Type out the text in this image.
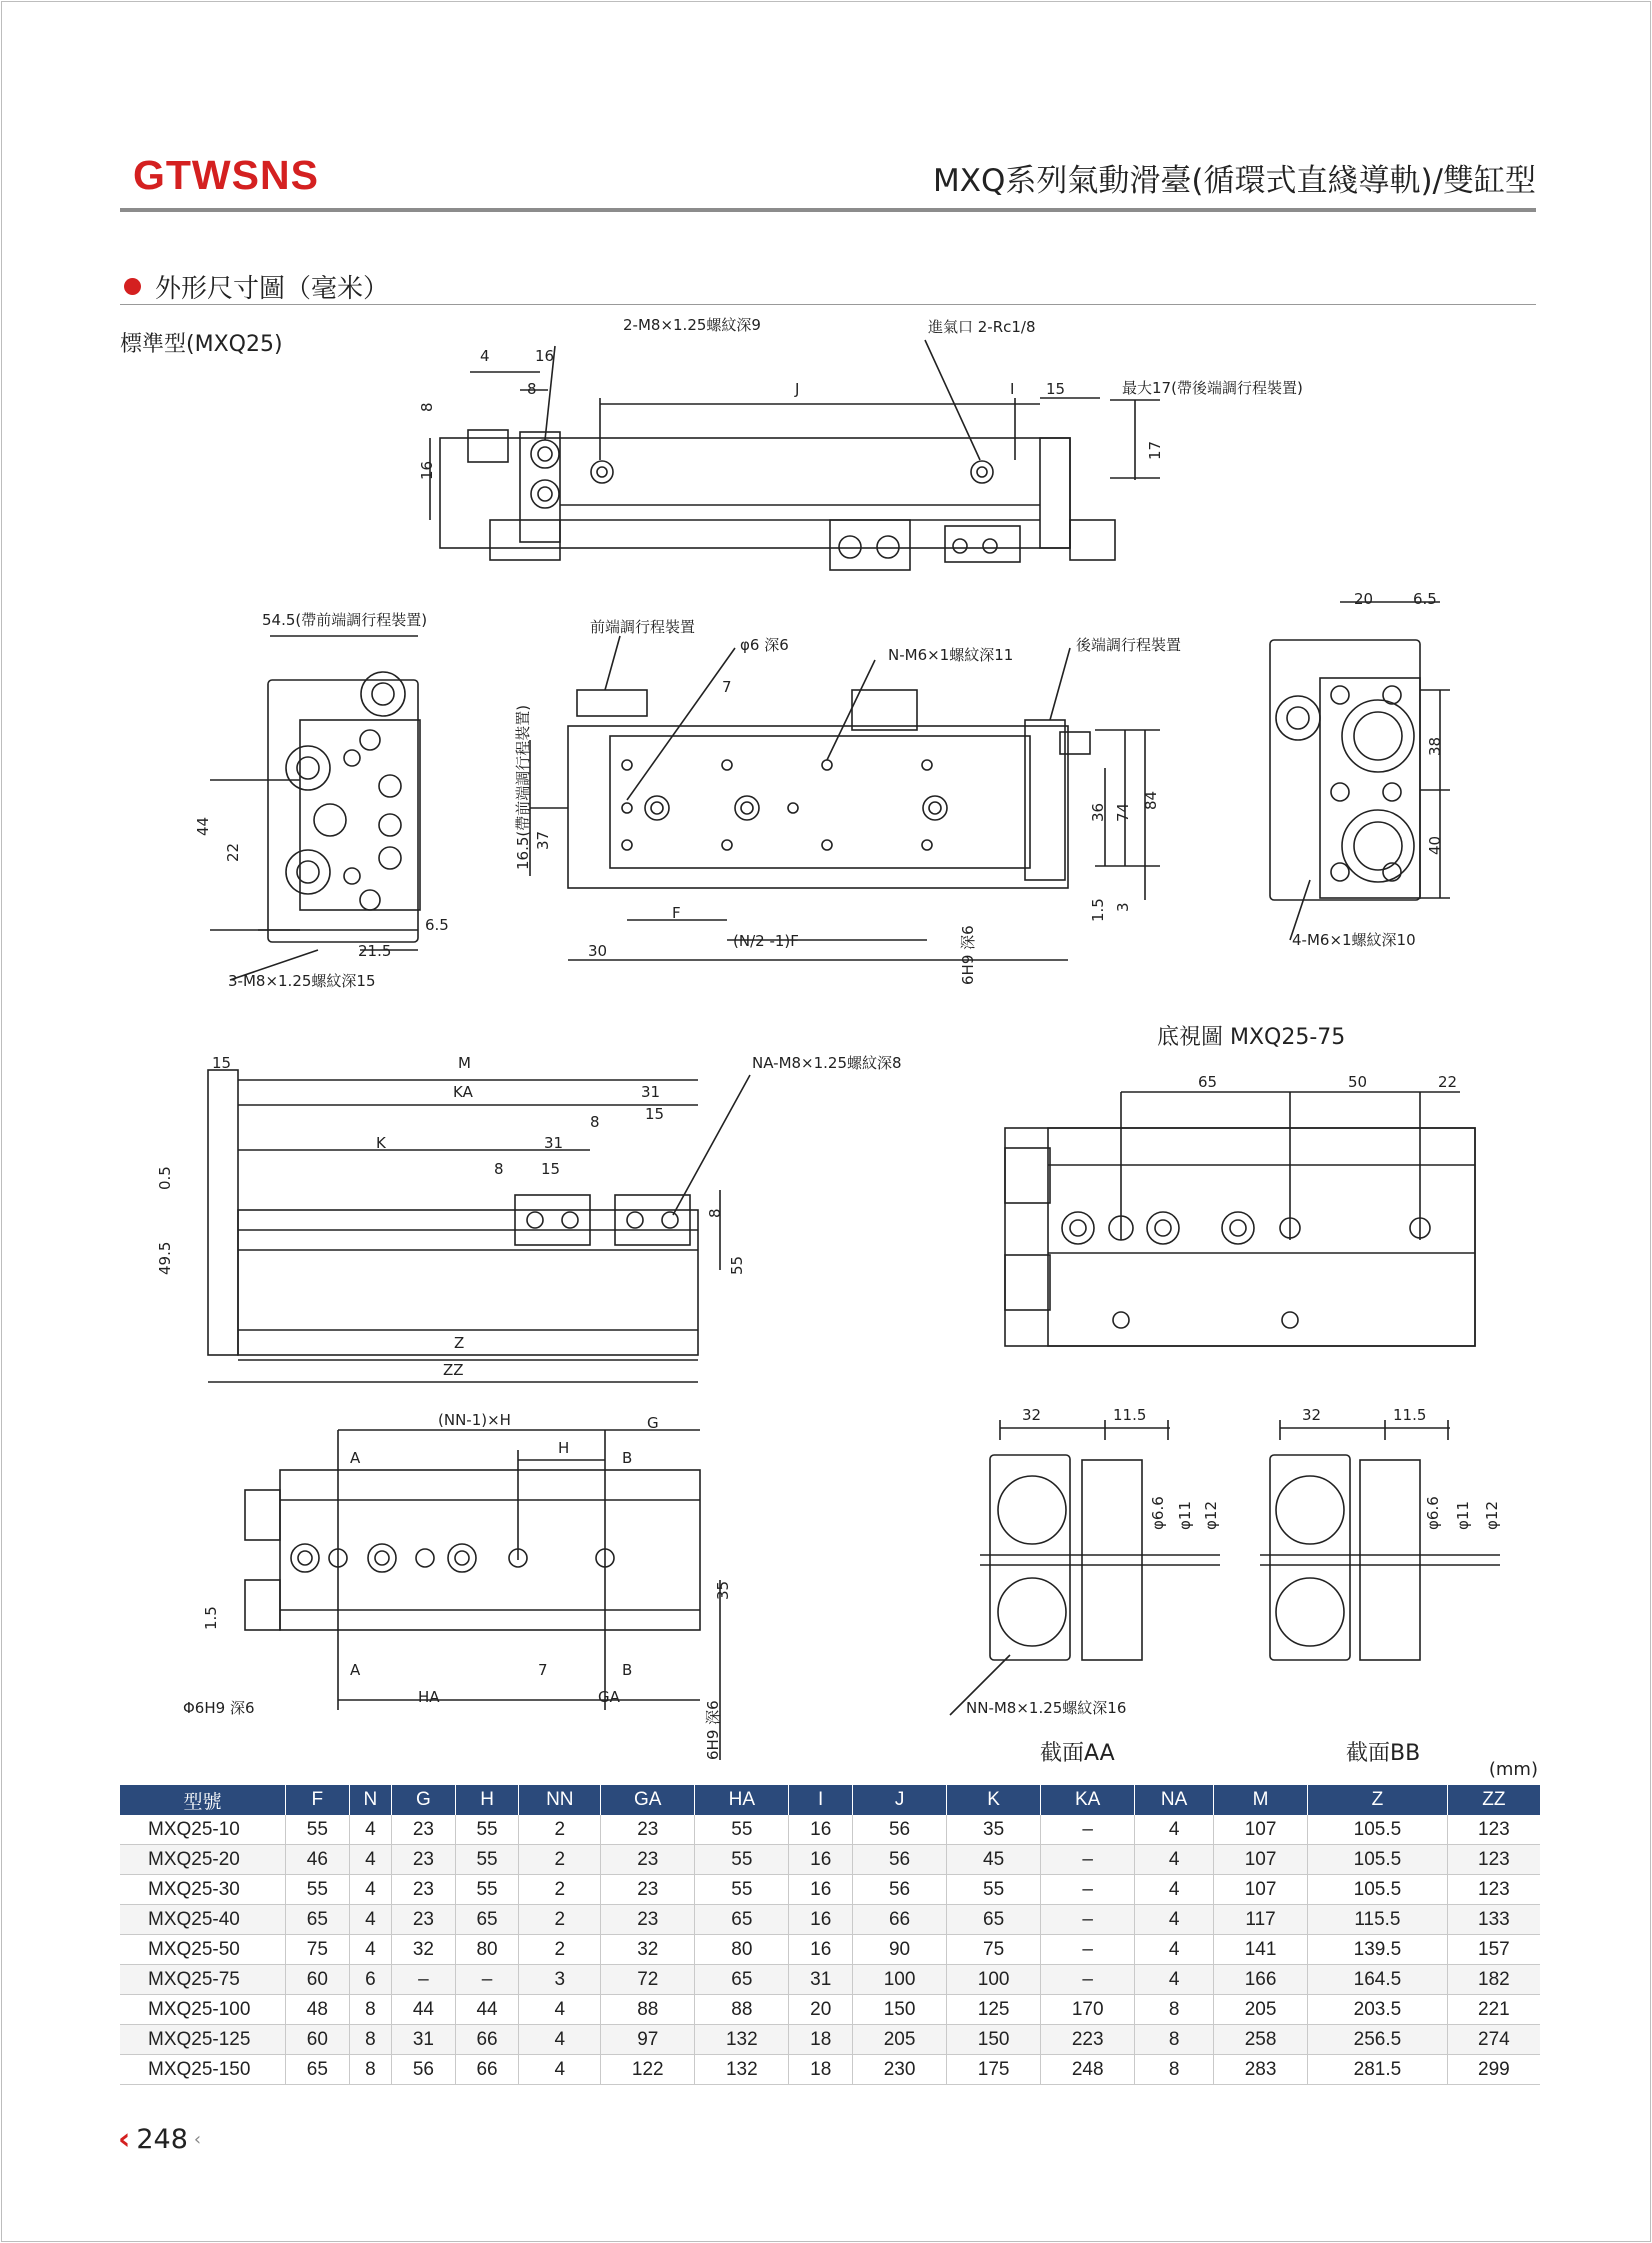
GTWSNS	MXQ系列氣動滑臺(循環式直綫導軌)/雙缸型
外形尺寸圖（毫米）
標準型(MXQ25)	4	16
8	J	I 15
8
16
17
2-M8×1.25螺紋深9	進氣口 2-Rc1/8
最大17(帶後端調行程裝置)
54.5(帶前端調行程裝置)
44
22
21.5
6.5
3-M8×1.25螺紋深15
前端調行程裝置
φ6 深6
N-M6×1螺紋深11
後端調行程裝置
7
16.5(帶前端調行程裝置) 37
F
(N/2 -1)F
30	6H9 深6
36 74
84
1.5 3
20	6.5
38
40
4-M6×1螺紋深10
15	M
KA	31
8	15
K	31
8 15
NA-M8×1.25螺紋深8
0.5
49.5	55
8
Z
ZZ
(NN-1)×H	G
H
B
A
A	7	B
HA	GA
1.5
35
Φ6H9 深6	6H9 深6
65	50	22
32	11.5	32	11.5
φ6.6 φ11 φ12	φ6.6 φ11 φ12
NN-M8×1.25螺紋深16
底視圖 MXQ25-75
截面AA	截面BB
(mm)
型號	F	N	G	H	NN	GA	HA	I	J	K	KA	NA	M	Z	ZZ
MXQ25-10	55	4	23	55	2	23	55	16	56	35	–	4	107	105.5	123
MXQ25-20	46	4	23	55	2	23	55	16	56	45	–	4	107	105.5	123
MXQ25-30	55	4	23	55	2	23	55	16	56	55	–	4	107	105.5	123
MXQ25-40	65	4	23	65	2	23	65	16	66	65	–	4	117	115.5	133
MXQ25-50	75	4	32	80	2	32	80	16	90	75	–	4	141	139.5	157
MXQ25-75	60	6	–	–	3	72	65	31	100	100	–	4	166	164.5	182
MXQ25-100	48	8	44	44	4	88	88	20	150	125	170	8	205	203.5	221
MXQ25-125	60	8	31	66	4	97	132	18	205	150	223	8	258	256.5	274
MXQ25-150	65	8	56	66	4	122	132	18	230	175	248	8	283	281.5	299
‹ 248 ‹
